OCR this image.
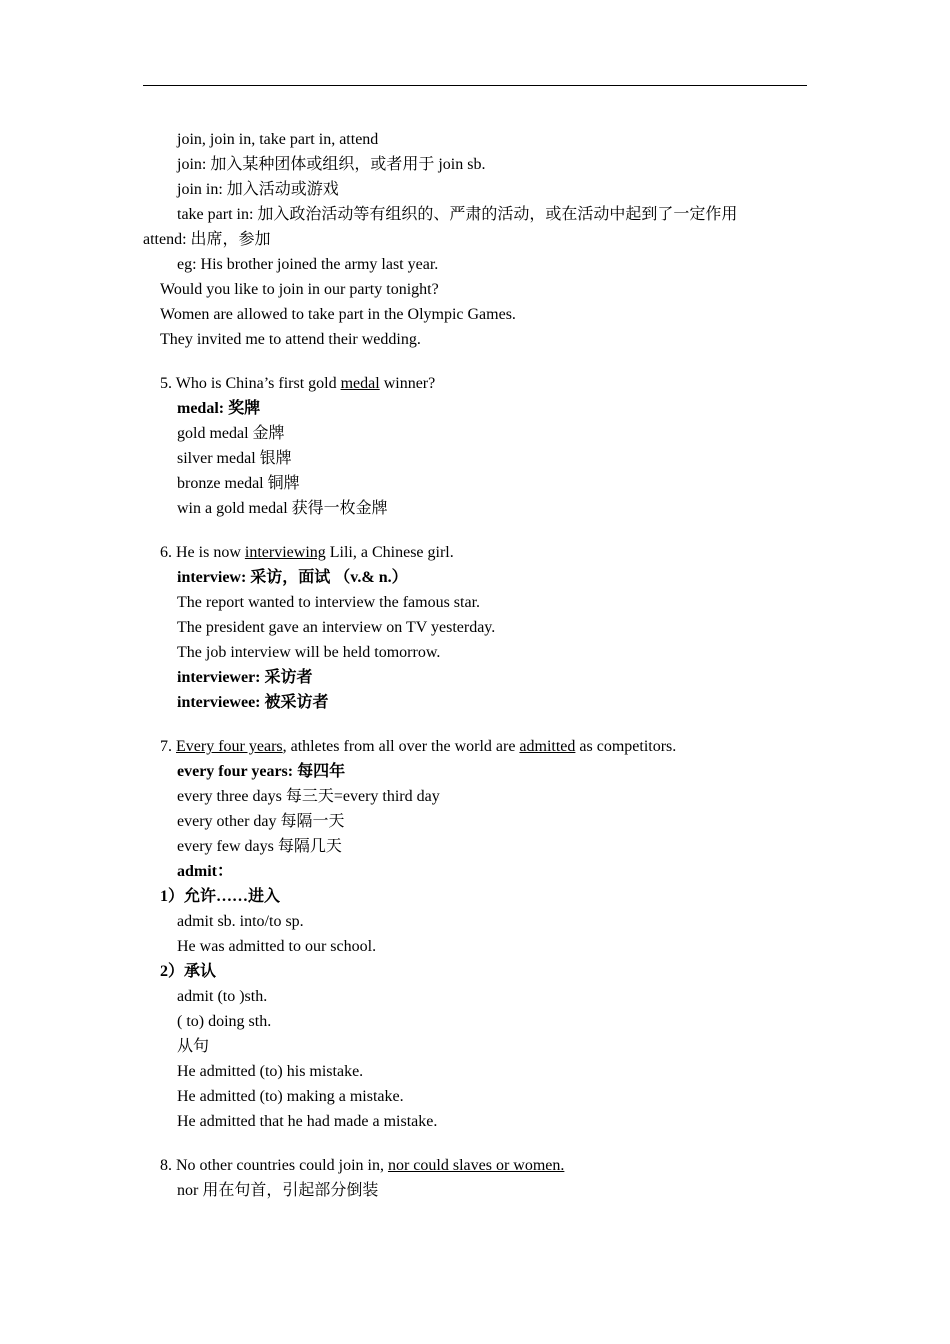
join, join in, take part in, attend
join: 加入某种团体或组织，或者用于 join sb.
join in: 加入活动或游戏
take part in: 加入政治活动等有组织的、严肃的活动，或在活动中起到了一定作用
attend: 出席，参加
eg: His brother joined the army last year.
Would you like to join in our party tonight?
Women are allowed to take part in the Olympic Games.
They invited me to attend their wedding.
5. Who is China’s first gold medal winner?
medal: 奖牌
gold medal 金牌
silver medal 银牌
bronze medal 铜牌
win a gold medal 获得一枚金牌
6. He is now interviewing Lili, a Chinese girl.
interview: 采访，面试 （v.& n.）
The report wanted to interview the famous star.
The president gave an interview on TV yesterday.
The job interview will be held tomorrow.
interviewer: 采访者
interviewee: 被采访者
7. Every four years, athletes from all over the world are admitted as competitors.
every four years: 每四年
every three days 每三天=every third day
every other day 每隔一天
every few days 每隔几天
admit：
1）允许……进入
admit sb. into/to sp.
He was admitted to our school.
2）承认
admit (to )sth.
( to) doing sth.
从句
He admitted (to) his mistake.
He admitted (to) making a mistake.
He admitted that he had made a mistake.
8. No other countries could join in, nor could slaves or women.
nor 用在句首，引起部分倒装
